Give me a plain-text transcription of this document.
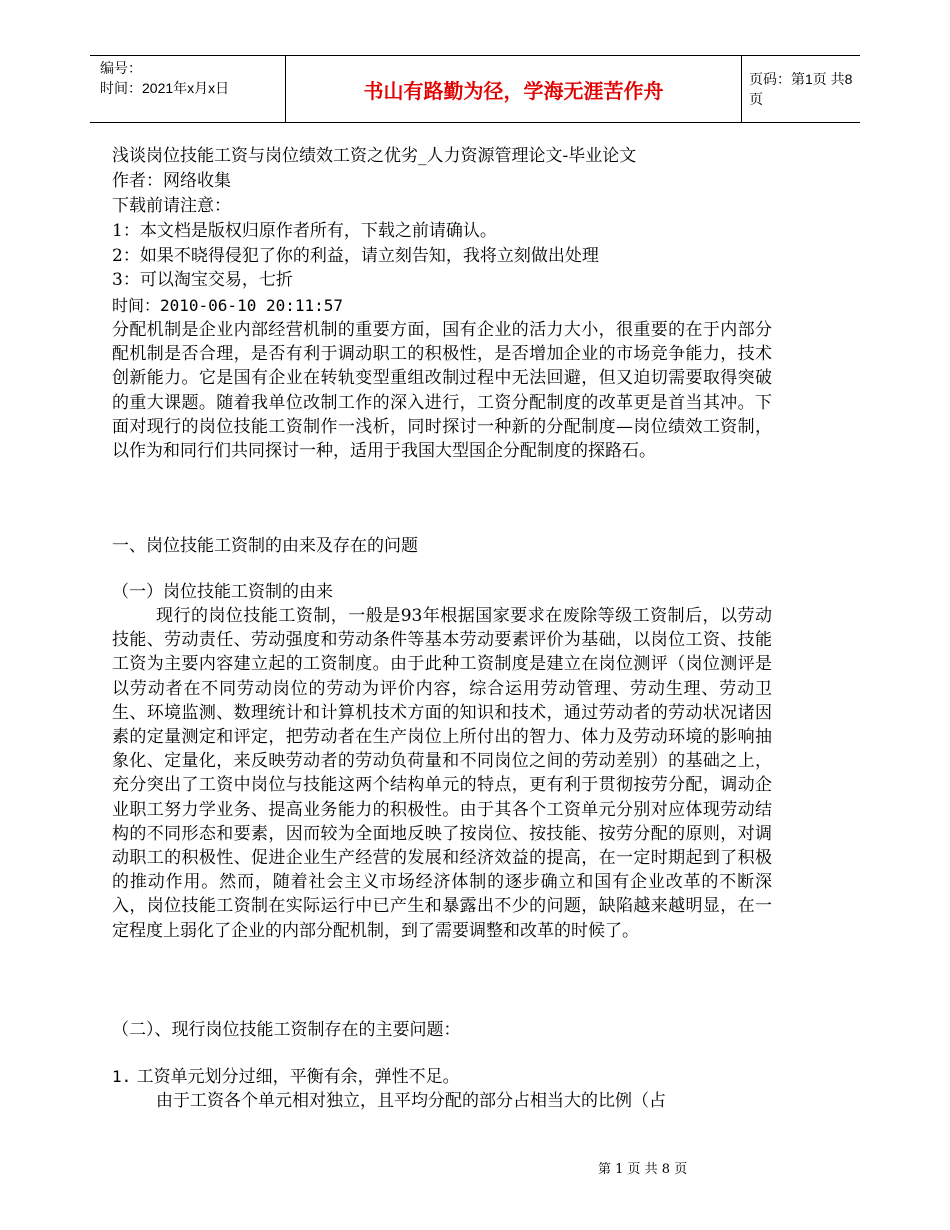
编号：
时间：2021年x月x日	书山有路勤为径，学海无涯苦作舟	页码：第1页 共8页
浅谈岗位技能工资与岗位绩效工资之优劣_人力资源管理论文-毕业论文
作者：网络收集
下载前请注意：
1：本文档是版权归原作者所有，下载之前请确认。
2：如果不晓得侵犯了你的利益，请立刻告知，我将立刻做出处理
3：可以淘宝交易，七折
时间：2010-06-10 20:11:57
分配机制是企业内部经营机制的重要方面，国有企业的活力大小，很重要的在于内部分配机制是否合理，是否有利于调动职工的积极性，是否增加企业的市场竞争能力，技术创新能力。它是国有企业在转轨变型重组改制过程中无法回避，但又迫切需要取得突破的重大课题。随着我单位改制工作的深入进行，工资分配制度的改革更是首当其冲。下面对现行的岗位技能工资制作一浅析，同时探讨一种新的分配制度—岗位绩效工资制，以作为和同行们共同探讨一种，适用于我国大型国企分配制度的探路石。
一、岗位技能工资制的由来及存在的问题
（一）岗位技能工资制的由来
现行的岗位技能工资制，一般是93年根据国家要求在废除等级工资制后，以劳动技能、劳动责任、劳动强度和劳动条件等基本劳动要素评价为基础，以岗位工资、技能工资为主要内容建立起的工资制度。由于此种工资制度是建立在岗位测评（岗位测评是以劳动者在不同劳动岗位的劳动为评价内容，综合运用劳动管理、劳动生理、劳动卫生、环境监测、数理统计和计算机技术方面的知识和技术，通过劳动者的劳动状况诸因素的定量测定和评定，把劳动者在生产岗位上所付出的智力、体力及劳动环境的影响抽象化、定量化，来反映劳动者的劳动负荷量和不同岗位之间的劳动差别）的基础之上，充分突出了工资中岗位与技能这两个结构单元的特点，更有利于贯彻按劳分配，调动企业职工努力学业务、提高业务能力的积极性。由于其各个工资单元分别对应体现劳动结构的不同形态和要素，因而较为全面地反映了按岗位、按技能、按劳分配的原则，对调动职工的积极性、促进企业生产经营的发展和经济效益的提高，在一定时期起到了积极的推动作用。然而，随着社会主义市场经济体制的逐步确立和国有企业改革的不断深入，岗位技能工资制在实际运行中已产生和暴露出不少的问题，缺陷越来越明显，在一定程度上弱化了企业的内部分配机制，到了需要调整和改革的时候了。
（二）、现行岗位技能工资制存在的主要问题：
1. 工资单元划分过细，平衡有余，弹性不足。
由于工资各个单元相对独立，且平均分配的部分占相当大的比例（占
第 1 页 共 8 页
